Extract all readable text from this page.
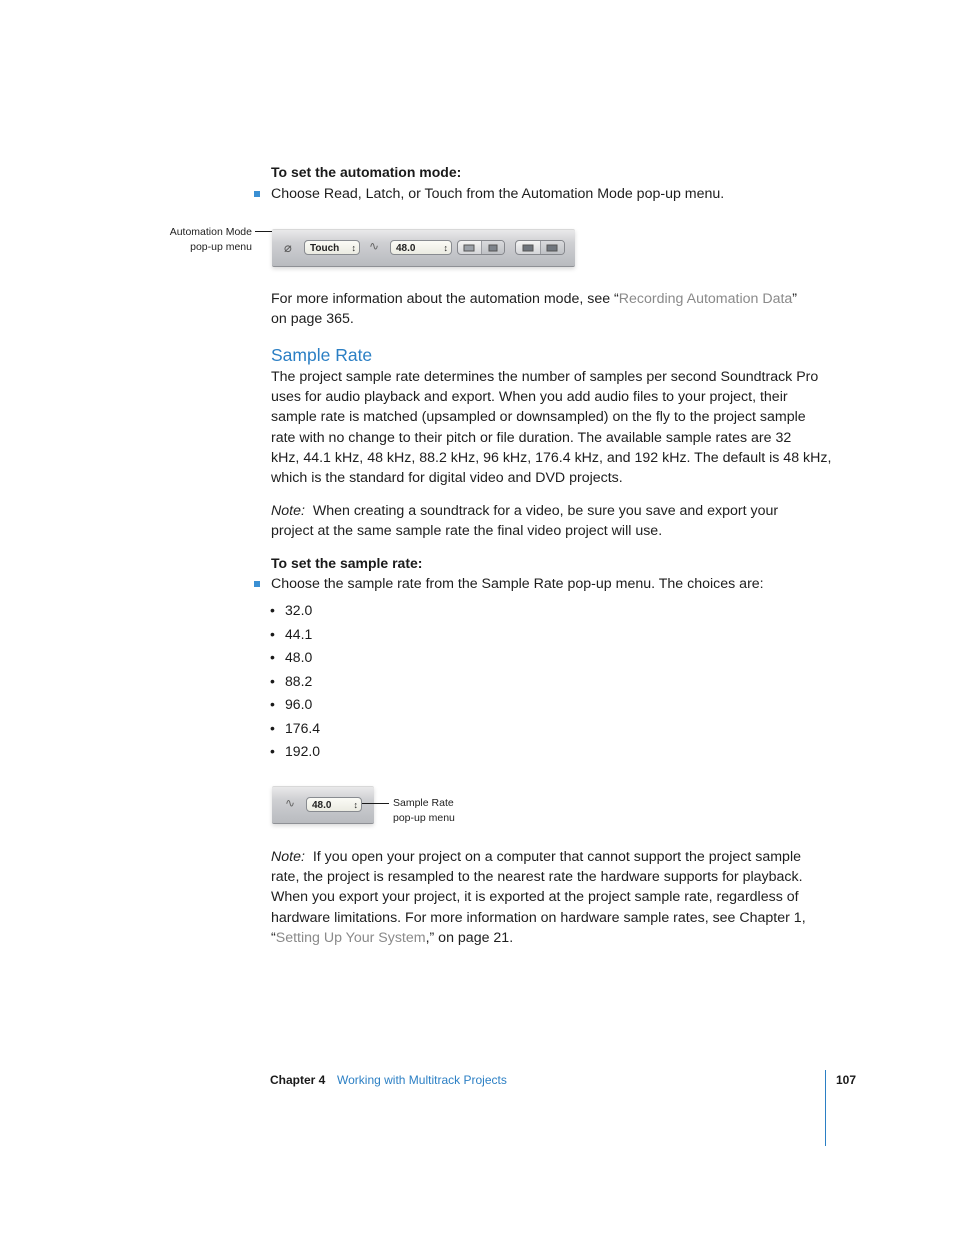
To set the automation mode:
Choose Read, Latch, or Touch from the Automation Mode pop-up menu.
Automation Mode
pop-up menu ⌀	Touch ↕ ∿	48.0	↕
For more information about the automation mode, see “Recording Automation Data”
on page 365.
Sample Rate
The project sample rate determines the number of samples per second Soundtrack Pro
uses for audio playback and export. When you add audio files to your project, their
sample rate is matched (upsampled or downsampled) on the fly to the project sample
rate with no change to their pitch or file duration. The available sample rates are 32
kHz, 44.1 kHz, 48 kHz, 88.2 kHz, 96 kHz, 176.4 kHz, and 192 kHz. The default is 48 kHz,
which is the standard for digital video and DVD projects.
Note: When creating a soundtrack for a video, be sure you save and export your
project at the same sample rate the final video project will use.
To set the sample rate:
Choose the sample rate from the Sample Rate pop-up menu. The choices are:
• 32.0
• 44.1
• 48.0
• 88.2
• 96.0
• 176.4
• 192.0
∿	48.0 ↕	Sample Rate
pop-up menu
Note: If you open your project on a computer that cannot support the project sample
rate, the project is resampled to the nearest rate the hardware supports for playback.
When you export your project, it is exported at the project sample rate, regardless of
hardware limitations. For more information on hardware sample rates, see Chapter 1,
“Setting Up Your System,” on page 21.
Chapter 4 Working with Multitrack Projects	107
